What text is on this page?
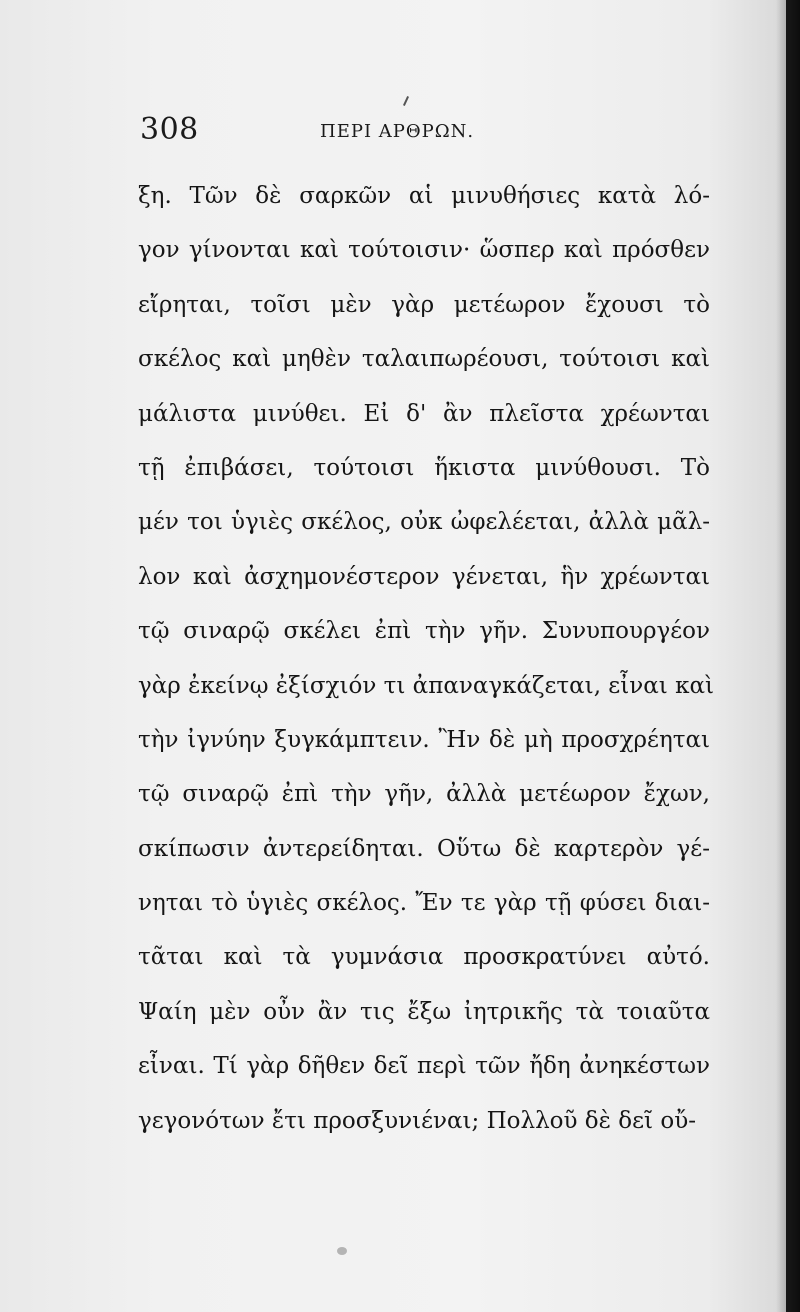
308	ΠΕΡΙ ΑΡΘΡΩΝ.
ξη. Τῶν δὲ σαρκῶν αἱ μινυθήσιες κατὰ λό-
γον γίνονται καὶ τούτοισιν· ὥσπερ καὶ πρόσθεν
εἴρηται, τοῖσι μὲν γὰρ μετέωρον ἔχουσι τὸ
σκέλος καὶ μηθὲν ταλαιπωρέουσι, τούτοισι καὶ
μάλιστα μινύθει. Εἰ δ' ἂν πλεῖστα χρέωνται
τῇ ἐπιβάσει, τούτοισι ἥκιστα μινύθουσι. Τὸ
μέν τοι ὑγιὲς σκέλος, οὐκ ὠφελέεται, ἀλλὰ μᾶλ-
λον καὶ ἀσχημονέστερον γένεται, ἣν χρέωνται
τῷ σιναρῷ σκέλει ἐπὶ τὴν γῆν. Συνυπουργέον
γὰρ ἐκείνῳ ἐξίσχιόν τι ἀπαναγκάζεται, εἶναι καὶ
τὴν ἰγνύην ξυγκάμπτειν. Ἢν δὲ μὴ προσχρέηται
τῷ σιναρῷ ἐπὶ τὴν γῆν, ἀλλὰ μετέωρον ἔχων,
σκίπωσιν ἀντερείδηται. Οὕτω δὲ καρτερὸν γέ-
νηται τὸ ὑγιὲς σκέλος. Ἔν τε γὰρ τῇ φύσει διαι-
τᾶται καὶ τὰ γυμνάσια προσκρατύνει αὐτό.
Ψαίη μὲν οὖν ἂν τις ἔξω ἰητρικῆς τὰ τοιαῦτα
εἶναι. Τί γὰρ δῆθεν δεῖ περὶ τῶν ἤδη ἀνηκέστων
γεγονότων ἔτι προσξυνιέναι; Πολλοῦ δὲ δεῖ οὔ-
